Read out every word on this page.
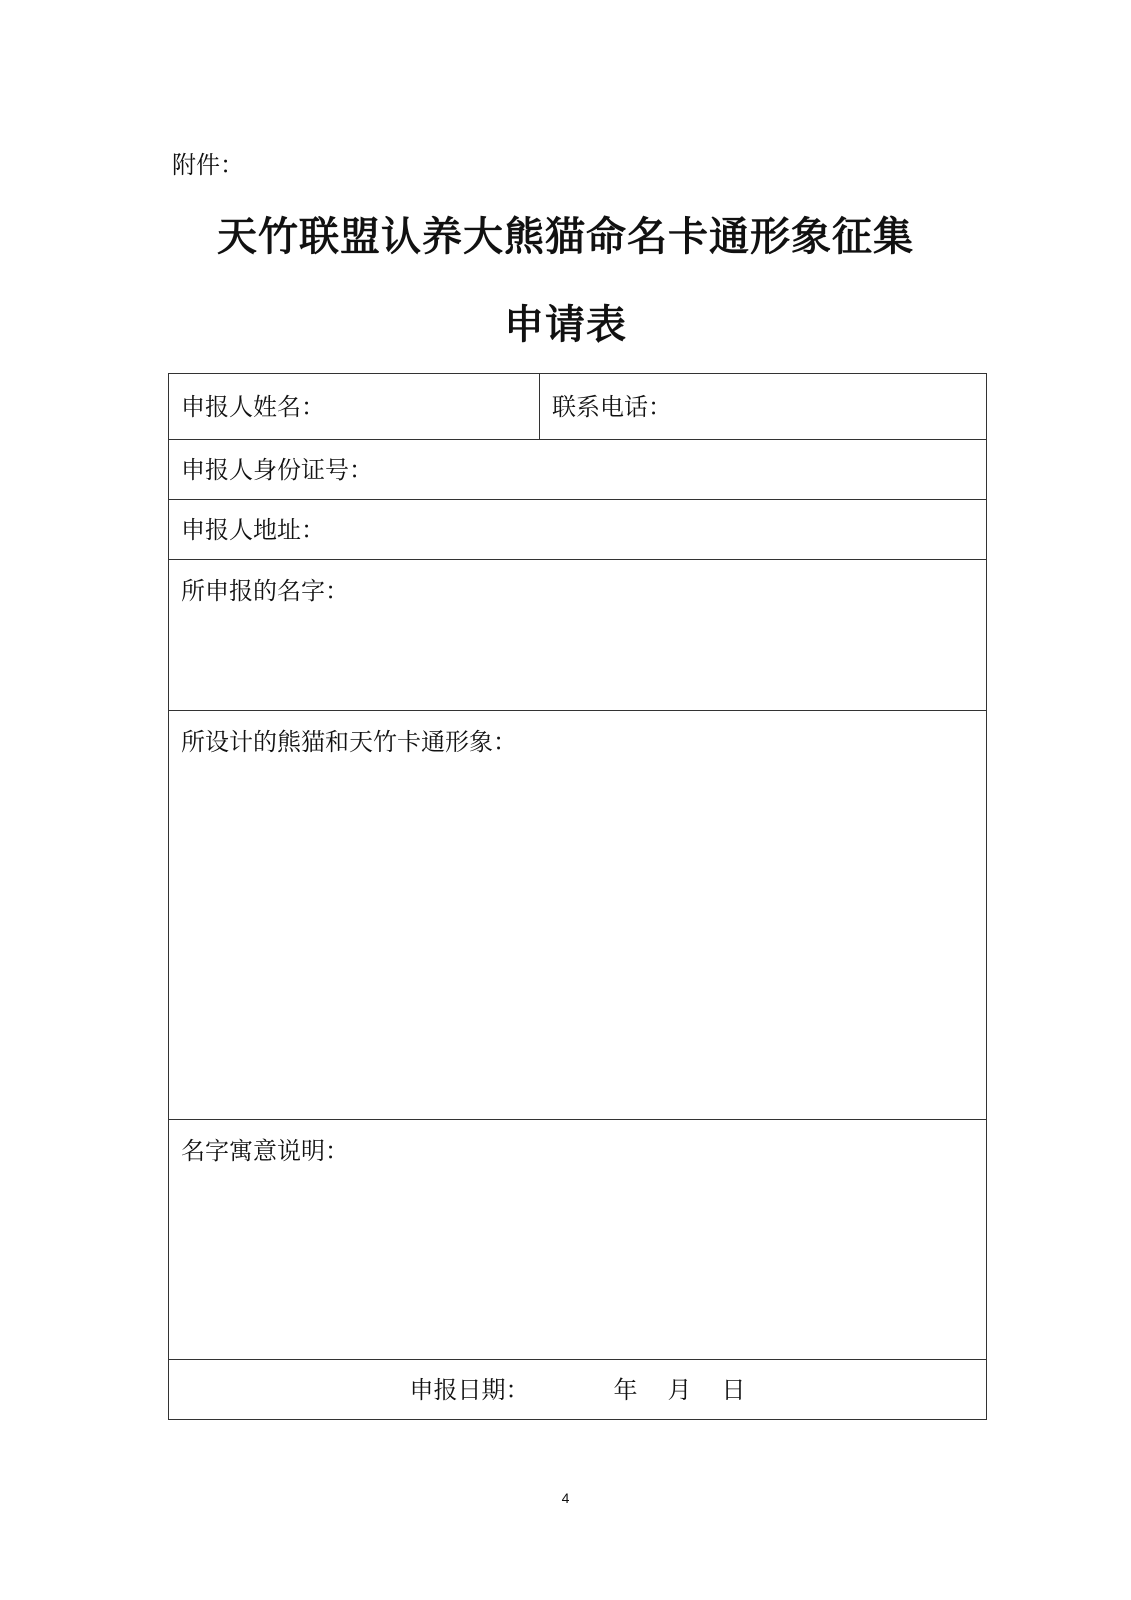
附件：
天竹联盟认养大熊猫命名卡通形象征集
申请表
申报人姓名：	联系电话：
申报人身份证号：
申报人地址：
所申报的名字：
所设计的熊猫和天竹卡通形象：
名字寓意说明：
申报日期：	年 月 日
4
